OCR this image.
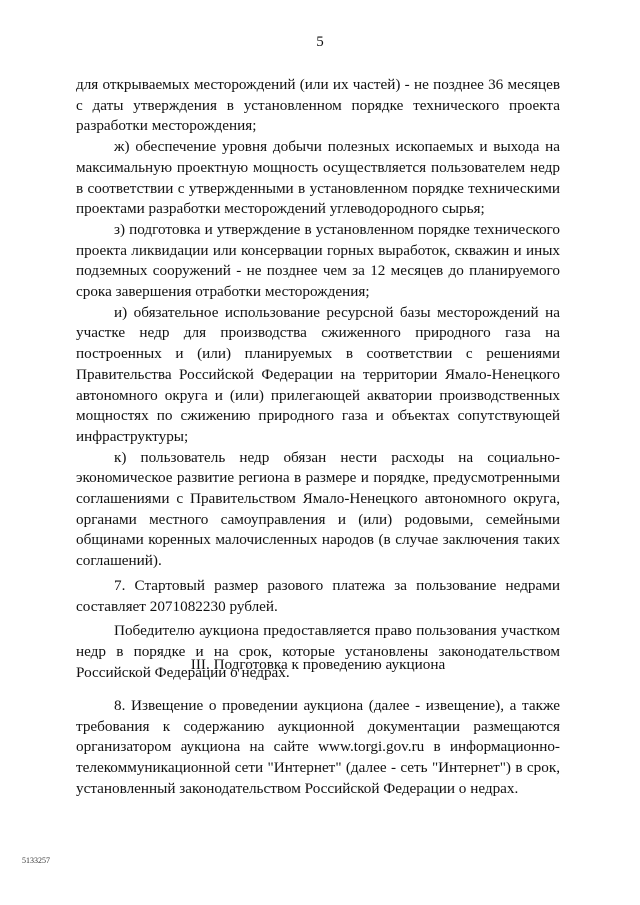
5

для открываемых месторождений (или их частей) - не позднее 36 месяцев с даты утверждения в установленном порядке технического проекта разработки месторождения;

ж) обеспечение уровня добычи полезных ископаемых и выхода на максимальную проектную мощность осуществляется пользователем недр в соответствии с утвержденными в установленном порядке техническими проектами разработки месторождений углеводородного сырья;

з) подготовка и утверждение в установленном порядке технического проекта ликвидации или консервации горных выработок, скважин и иных подземных сооружений - не позднее чем за 12 месяцев до планируемого срока завершения отработки месторождения;

и) обязательное использование ресурсной базы месторождений на участке недр для производства сжиженного природного газа на построенных и (или) планируемых в соответствии с решениями Правительства Российской Федерации на территории Ямало-Ненецкого автономного округа и (или) прилегающей акватории производственных мощностях по сжижению природного газа и объектах сопутствующей инфраструктуры;

к) пользователь недр обязан нести расходы на социально-экономическое развитие региона в размере и порядке, предусмотренными соглашениями с Правительством Ямало-Ненецкого автономного округа, органами местного самоуправления и (или) родовыми, семейными общинами коренных малочисленных народов (в случае заключения таких соглашений).

7. Стартовый размер разового платежа за пользование недрами составляет 2071082230 рублей.

Победителю аукциона предоставляется право пользования участком недр в порядке и на срок, которые установлены законодательством Российской Федерации о недрах.

III. Подготовка к проведению аукциона

8. Извещение о проведении аукциона (далее - извещение), а также требования к содержанию аукционной документации размещаются организатором аукциона на сайте www.torgi.gov.ru в информационно-телекоммуникационной сети "Интернет" (далее - сеть "Интернет") в срок, установленный законодательством Российской Федерации о недрах.

5133257
